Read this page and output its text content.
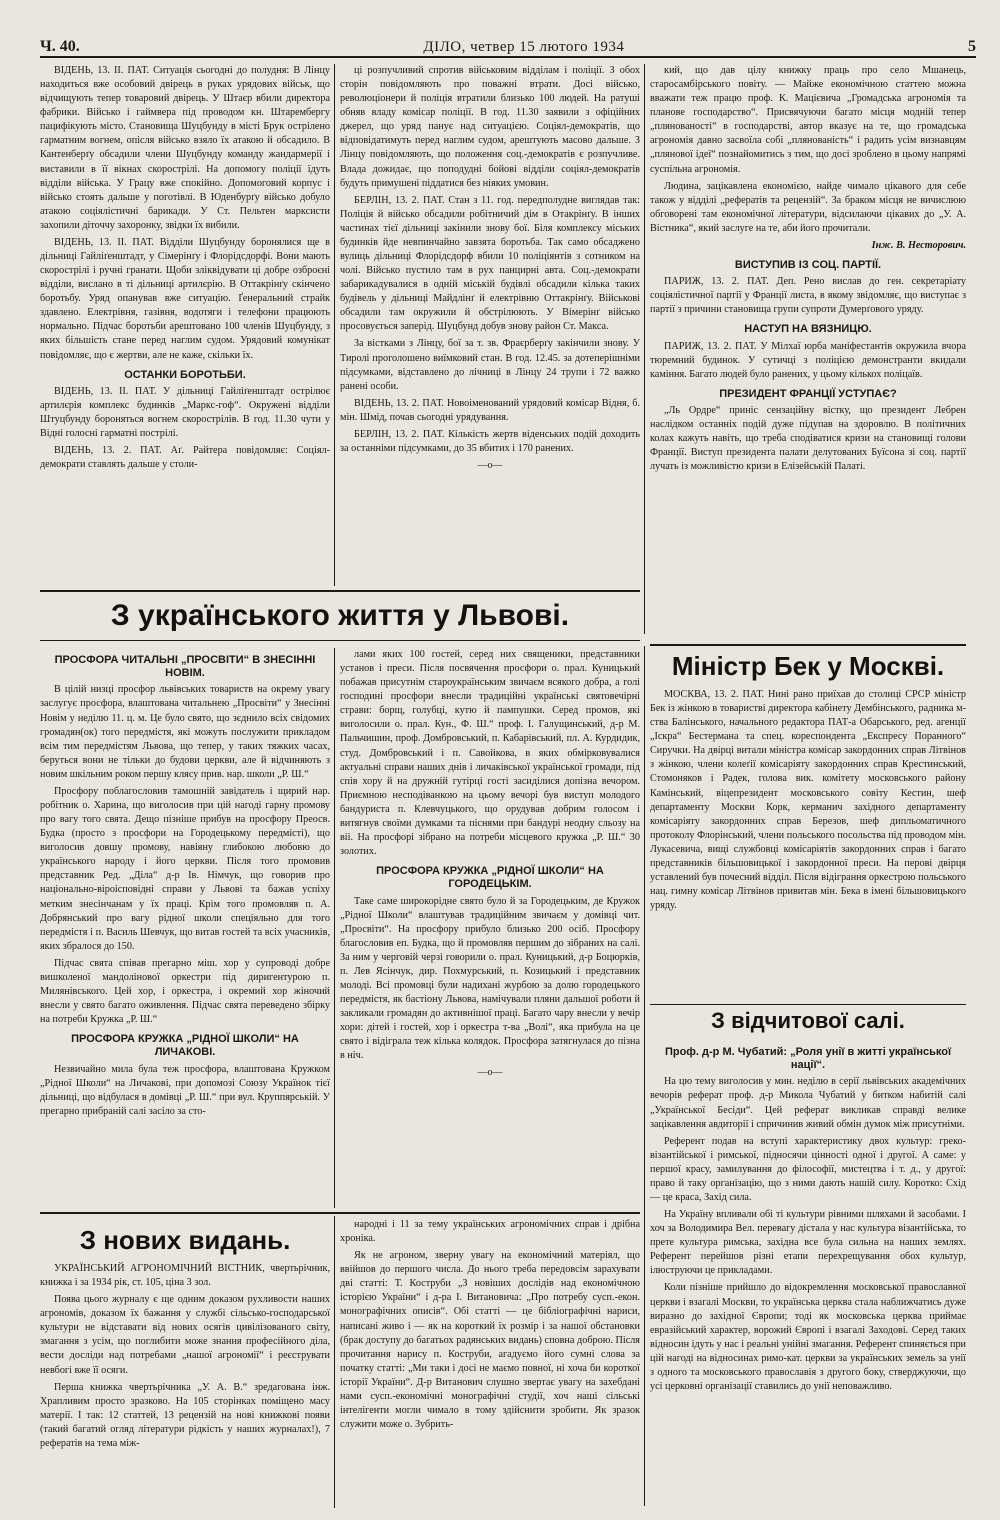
Ч. 40.	ДІЛО, четвер 15 лютого 1934	5

ВІДЕНЬ, 13. II. ПАТ. Ситуація сьогодні до полудня: В Лінцу находиться вже особовий двірець в руках урядових військ, що відчищують тепер товаровий двірець. У Штаєр вбили директора фабрики. Військо і гаймвера під проводом кн. Штарембергу пацифікують місто. Становища Шуцбунду в місті Брук острілено гарматним вогнем, опісля військо взяло їх атакою й обсадило. В Кантенберґу обсадили члени Шуцбунду команду жандармерії і виставили в її вікнах скорострілі. На допомогу поліції їдуть відділи війська. У Грацу вже спокійно. Допомоговий корпус і військо стоять дальше у поготівлі. В Юденбурґу військо добуло атакою соціялістичні барикади. У Ст. Пельтен марксисти захопили діточчу захоронку, звідки їх вибили.

ВІДЕНЬ, 13. II. ПАТ. Відділи Шуцбунду боронялися ще в дільниці Гайліґенштадт, у Сімерінґу і Флорідсдорфі. Вони мають скорострілі і ручні гранати. Щоби зліквідувати ці добре озброєні відділи, вислано в ті дільниці артилєрію. В Оттакрінґу скінчено боротьбу. Уряд опанував вже ситуацію. Ґенеральний страйк здавлено. Електрівня, газівня, водотяги і телефони працюють нормально. Підчас боротьби арештовано 100 членів Шуцбунду, з яких більшість стане перед наглим судом. Урядовий комунікат повідомляє, що є жертви, але не каже, скільки їх.

ОСТАНКИ БОРОТЬБИ.

ВІДЕНЬ, 13. II. ПАТ. У дільниці Гайліґенштадт острілює артилєрія комплекс будинків „Маркс-гоф“. Окружені відділи Штуцбунду бороняться вогнем скорострілів. В год. 11.30 чути у Відні голосні гарматні пострілі.

ВІДЕНЬ, 13. 2. ПАТ. Аґ. Райтера повідомляє: Соціял-демократи ставлять дальше у столи-

ці розпучливий спротив військовим відділам і поліції. З обох сторін повідомляють про поважні втрати. Досі військо, революціонери й поліція втратили близько 100 людей. На ратуші обняв владу комісар поліції. В год. 11.30 заявили з офіційних джерел, що уряд панує над ситуацією. Соціял-демократів, що відповідатимуть перед наглим судом, арештують масово дальше. З Лінцу повідомляють, що положення соц.-демократів є розпучливе. Влада дожидає, що поподудні бойові відділи соціял-демократів будуть примушені піддатися без ніяких умовин.

БЕРЛІН, 13. 2. ПАТ. Стан з 11. год. передполудне виглядав так: Поліція й військо обсадили робітничий дім в Отакрінґу. В інших частинах тієї дільниці закінили знову бої. Біля комплексу міських будинків йде невпинчайно завзята боротьба. Так само обсаджено вулиць дільниці Флорідсдорф вбили 10 поліціянтів з сотником на чолі. Військо пустило там в рух панцирні авта. Соц.-демократи забарикадувалися в одній міській будівлі обсадили кілька таких будівель у дільниці Майдлінґ й електрівню Оттакрінґу. Військові обсадили там окружили й обстрілюють. У Вімерінґ військо просовується заперід. Шуцбунд добув знову район Ст. Макса.

За вістками з Лінцу, бої за т. зв. Фраєрберґу закінчили знову. У Тиролі проголошено виїмковий стан. В год. 12.45. за дотеперішніми підсумками, відставлено до лічниці в Лінцу 24 трупи і 72 важко ранені особи.

ВІДЕНЬ, 13. 2. ПАТ. Новоіменований урядовий комісар Відня, б. мін. Шмід, почав сьогодні урядування.

БЕРЛІН, 13. 2. ПАТ. Кількість жертв віденських подій доходить за останніми підсумками, до 35 вбитих і 170 ранених.

—o—

кий, що дав цілу книжку праць про село Мшанець, старосамбірського повіту. — Майже економічною статтею можна вважати теж працю проф. К. Мацієвича „Громадська агрономія та планове господарство“. Присвячуючи багато місця модній тепер „плянованості“ в господарстві, автор вказує на те, що громадська агрономія давно засвоїла собі „плянованість“ і радить усім визнавцям „плянової ідеї“ познайомитись з тим, що досі зроблено в цьому напрямі суспільна агрономія.

Людина, зацікавлена економією, найде чимало цікавого для себе також у відділі „рефератів та рецензій“. За браком місця не вичислюю обговорені там економічної літератури, відсилаючи цікавих до „У. А. Вістника“, який заслуге на те, аби його прочитали.

Інж. В. Несторович.
ВИСТУПИВ ІЗ СОЦ. ПАРТІЇ.

ПАРИЖ, 13. 2. ПАТ. Деп. Рено вислав до ген. секретаріату соціялістичної партії у Франції листа, в якому звідомляє, що виступає з партії з причини становища групи супроти Думерґового уряду.

НАСТУП НА ВЯЗНИЦЮ.

ПАРИЖ, 13. 2. ПАТ. У Мілхаї юрба маніфестантів окружила вчора тюремний будинок. У сутичці з поліцією демонстранти вкидали каміння. Багато людей було ранених, у цьому кількох поліцаїв.

ПРЕЗИДЕНТ ФРАНЦІЇ УСТУПАЄ?

„Ль Ордре“ приніс сензаційну вістку, що президент Лебрен наслідком останніх подій дуже підупав на здоровлю. В політичних колах кажуть навіть, що треба сподіватися кризи на становищі голови Франції. Виступ президента палати делутованих Буїсона зі соц. партії лучать із можливістю кризи в Елізейській Палаті.

З українського життя у Львові.
ПРОСФОРА ЧИТАЛЬНІ „ПРОСВІТИ“ В ЗНЕСІННІ НОВІМ.

В цілій низці просфор львівських товариств на окрему увагу заслугує просфора, влаштована читальнею „Просвіти“ у Знесінні Новім у неділю 11. ц. м. Це було свято, що зєднило всіх свідомих громадян(ок) того передмістя, які можуть послужити прикладом всім тим передмістям Львова, що тепер, у таких тяжких часах, беруться вони не тільки до будови церкви, але й відчиняють з новим шкільним роком першу клясу прив. нар. школи „Р. Ш.“

Просфору поблагословив тамошній завідатель і щирий нар. робітник о. Харина, що виголосив при цій нагоді гарну промову про вагу того свята. Дещо пізніше прибув на просфору Преосв. Будка (просто з просфори на Городецькому передмісті), що виголосив довшу промову, навіяну глибокою любовю до українського народу і його церкви. Після того промовив представник Ред. „Діла“ д-р Ів. Німчук, що говорив про національно-віроісповідні справи у Львові та бажав успіху метким знесінчанам у їх праці. Крім того промовляв п. А. Добрянський про вагу рідної школи спеціяльно для того передмістя і п. Василь Шевчук, що витав гостей та всіх учасників, яких збралося до 150.

Підчас свята співав прегарно міш. хор у супроводі добре вишколеної мандолінової оркестри під диригентурою п. Милянівського. Цей хор, і оркестра, і окремий хор жіночий внесли у свято багато оживлення. Підчас свята переведено збірку на потреби Кружка „Р. Ш.“

ПРОСФОРА КРУЖКА „РІДНОЇ ШКОЛИ“ НА ЛИЧАКОВІ.

Незвичайно мила була теж просфора, влаштована Кружком „Рідної Школи“ на Личакові, при допомозі Союзу Українок тієї дільниці, що відбулася в домівці „Р. Ш.“ при вул. Круппярській. У прегарно прибраній салі засіло за сто-

лами яких 100 гостей, серед них священики, представники установ і преси. Після посвячення просфори о. прал. Куницький побажав присутнім староукраїнським звичаєм всякого добра, а голі господині просфори внесли традиційні українські святовечірні страви: борщ, голубці, кутю й пампушки. Серед промов, які виголосили о. прал. Кун., Ф. Ш.“ проф. І. Галущинський, д-р М. Пальчишин, проф. Домбровський, п. Кабарівський, пл. А. Курдидик, студ. Домбровський і п. Савойкова, в яких обмірковувалися актуальні справи наших днів і личаківської української громади, під спів хору й на дружній гутірці гості засиділися допізна вечором. Приємною несподіванкою на цьому вечорі був виступ молодого бандуриста п. Клевчуцького, що орудував добрим голосом і витягнув своїми думками та піснями при бандурі неодну сльозу на віі. На просфорі зібрано на потреби місцевого кружка „Р. Ш.“ 30 золотих.

ПРОСФОРА КРУЖКА „РІДНОЇ ШКОЛИ“ НА ГОРОДЕЦЬКІМ.

Таке саме широкорідне свято було й за Городецьким, де Кружок „Рідної Школи“ влаштував традиційним звичаєм у домівці чит. „Просвіти“. На просфору прибуло близько 200 осіб. Просфору благословив еп. Будка, що й промовляв першим до зібраних на салі. За ним у черговій черзі говорили о. прал. Куницький, д-р Боцюрків, п. Лев Ясінчук, дир. Похмурський, п. Козицький і представник молоді. Всі промовці були надихані журбою за долю городецького передмістя, як бастіону Львова, намічували пляни дальшої роботи й закликали громадян до активнішої праці. Багато чару внесли у вечір хори: дітей і гостей, хор і оркестра т-ва „Волі“, яка прибула на це свято і відіграла теж кілька колядок. Просфора затягнулася до пізна в ніч.

—o—
Міністр Бек у Москві.

МОСКВА, 13. 2. ПАТ. Нині рано приїхав до столиці СРСР міністр Бек із жінкою в товаристві директора кабінету Дембінського, радника м-ства Балінського, начального редактора ПАТ-а Обарського, ред. агенції „Іскра“ Бестермана та спец. кореспондента „Експресу Поранного“ Сиручки. На двірці витали міністра комісар закордонних справ Літвінов з жінкою, члени колеґії комісаріяту закордонних справ Крестинський, Стомоняков і Радек, голова вик. комітету московського району Камінський, віцепрезидент московського совіту Кестин, шеф департаменту Москви Корк, керманич західного департаменту комісаріяту закордонних справ Березов, шеф дипльоматичного протоколу Флорінський, члени польського посольства під проводом мін. Лукасевича, вищі службовці комісаріятів закордонних справ і багато представників більшовицької і закордонної преси. На перові двірця уставлений був почесний відділ. Після відіграння оркестрою польського нац. гимну комісар Літвінов привитав мін. Бека в імені більшовицького уряду.

З відчитової салі.
Проф. д-р М. Чубатий: „Роля унії в житті української нації“.

На цю тему виголосив у мин. неділю в серії львівських академічних вечорів реферат проф. д-р Микола Чубатий у битком набитій салі „Української Бесіди“. Цей реферат викликав справді велике зацікавлення авдиторії і спричинив живий обмін думок між присутніми.

Референт подав на вступі характеристику двох культур: греко-візантійської і римської, підносячи цінності одної і другої. А саме: у першої красу, замилування до філософії, мистецтва і т. д., у другої: право й таку організацію, що з ними дають нашій силу. Коротко: Схід — це краса, Захід сила.

На Україну впливали обі ті культури рівними шляхами й засобами. І хоч за Володимира Вел. перевагу дістала у нас культура візантійська, то прете культура римська, західна все була сильна на наших землях. Референт перейшов різні етапи перехрещування обох культур, ілюструючи це прикладами.

Коли пізніше прийшло до відокремлення московської православної церкви і взагалі Москви, то українська церква стала наближчатись дуже виразно до західної Європи; тоді як московська церква приймає евразійський характер, ворожий Європі і взагалі Заходові. Серед таких відносин ідуть у нас і реальні унійні змагання. Референт спиняється при цій нагоді на відносинах римо-кат. церкви за українських земель за унії з одного та московського православія з другого боку, стверджуючи, що усі церковні організації ставились до унії неповажливо.

З нових видань.

УКРАЇНСЬКИЙ АГРОНОМІЧНИЙ ВІСТНИК, чвертьрічник, книжка і за 1934 рік, ст. 105, ціна 3 зол.

Поява цього журналу є ще одним доказом рухливости наших агрономів, доказом їх бажання у службі сільсько-господарської культури не відставати від нових осягів цивілізованого світу, змагання з усім, що поглибити може знання професійного діла, вести досліди над потребами „нашої агрономії“ і реєструвати невбогі вже її осяги.

Перша книжка чвертьрічника „У. А. В.“ зредагована інж. Храпливим просто зразково. На 105 сторінках поміщено масу матерії. І так: 12 статтей, 13 рецензій на нові книжкові появи (такий багатий огляд літератури рідкість у наших журналах!), 7 рефератів на тема між-

народні і 11 за тему українських агрономічних справ і дрібна хроніка.

Як не агроном, зверну увагу на економічний матеріял, що ввійшов до першого числа. До нього треба передовсім зарахувати дві статті: Т. Коструби „З новіших дослідів над економічною історією України“ і д-ра І. Витановича: „Про потребу сусп.-екон. монографічних описів“. Обі статті — це бібліографічні нариси, написані живо і — як на короткий їх розмір і за нашої обстановки (брак доступу до багатьох радянських видань) сповна доброю. Після прочитання нарису п. Коструби, агадуємо його сумні слова за початку статті: „Ми таки і досі не маємо повної, ні хоча би короткої історії України“. Д-р Витанович слушно звертає увагу на захебдані нами сусп.-економічні монографічні студії, хоч наші сільські інтелігенти могли чимало в тому здійснити зробити. Як зразок служити може о. Зубрить-
